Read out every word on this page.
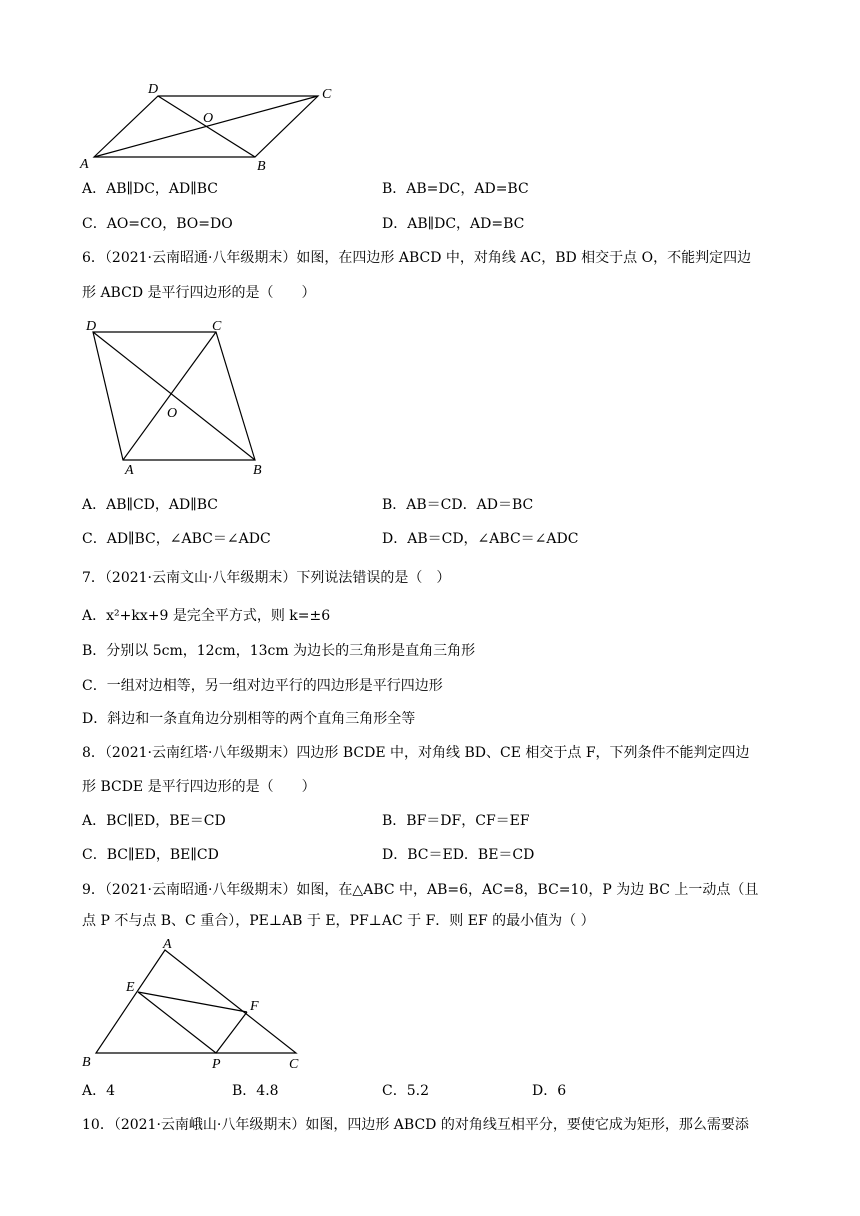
D	C
O
A	B
A．AB∥DC，AD∥BC	B．AB=DC，AD=BC
C．AO=CO，BO=DO	D．AB∥DC，AD=BC
6．（2021·云南昭通·八年级期末）如图，在四边形 ABCD 中，对角线 AC，BD 相交于点 O，不能判定四边
形 ABCD 是平行四边形的是（　　）
D	C
O
A	B
A．AB∥CD，AD∥BC	B．AB＝CD．AD＝BC
C．AD∥BC，∠ABC＝∠ADC	D．AB＝CD，∠ABC＝∠ADC
7．（2021·云南文山·八年级期末）下列说法错误的是（　）
A．x²+kx+9 是完全平方式，则 k=±6
B．分别以 5cm，12cm，13cm 为边长的三角形是直角三角形
C．一组对边相等，另一组对边平行的四边形是平行四边形
D．斜边和一条直角边分别相等的两个直角三角形全等
8．（2021·云南红塔·八年级期末）四边形 BCDE 中，对角线 BD、CE 相交于点 F，下列条件不能判定四边
形 BCDE 是平行四边形的是（　　）
A．BC∥ED，BE＝CD	B．BF＝DF，CF＝EF
C．BC∥ED，BE∥CD	D．BC＝ED．BE＝CD
9．（2021·云南昭通·八年级期末）如图，在△ABC 中，AB=6，AC=8，BC=10，P 为边 BC 上一动点（且
点 P 不与点 B、C 重合），PE⊥AB 于 E，PF⊥AC 于 F．则 EF 的最小值为（ ）
A
E
F
B	P	C
A．4	B．4.8	C．5.2	D．6
10．（2021·云南峨山·八年级期末）如图，四边形 ABCD 的对角线互相平分，要使它成为矩形，那么需要添
